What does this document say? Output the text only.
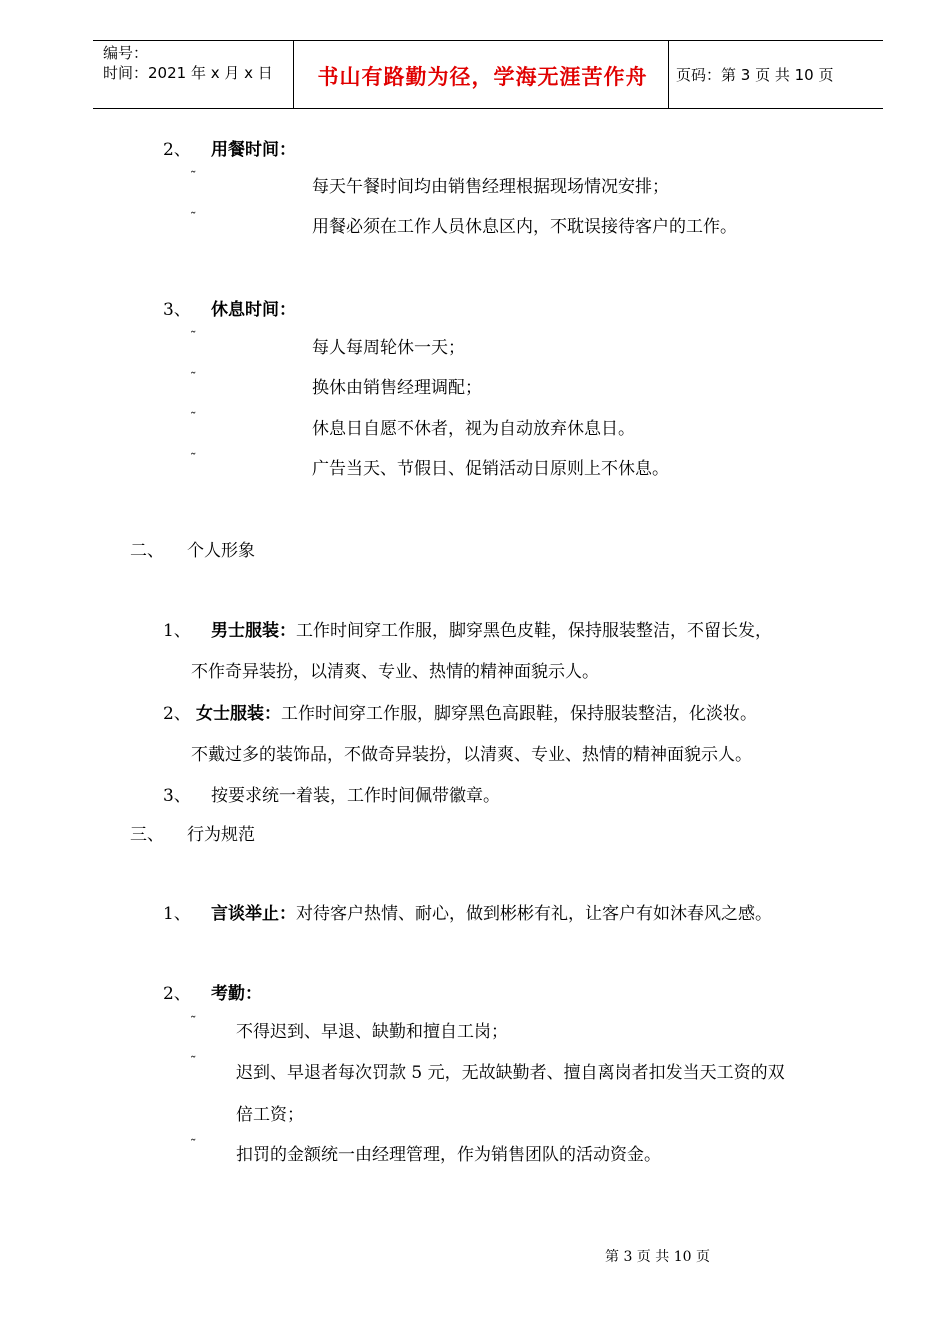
编号：
时间：2021 年 x 月 x 日	书山有路勤为径，学海无涯苦作舟	页码：第 3 页 共 10 页
2、 用餐时间：
˜	每天午餐时间均由销售经理根据现场情况安排；
˜	用餐必须在工作人员休息区内，不耽误接待客户的工作。
3、 休息时间：
˜
每人每周轮休一天；
˜	换休由销售经理调配；
˜
休息日自愿不休者，视为自动放弃休息日。
˜	广告当天、节假日、促销活动日原则上不休息。
二、 个人形象
1、 男士服装：工作时间穿工作服，脚穿黑色皮鞋，保持服装整洁，不留长发，
不作奇异装扮，以清爽、专业、热情的精神面貌示人。
2、 女士服装：工作时间穿工作服，脚穿黑色高跟鞋，保持服装整洁，化淡妆。
不戴过多的装饰品，不做奇异装扮，以清爽、专业、热情的精神面貌示人。
3、 按要求统一着装，工作时间佩带徽章。
三、 行为规范
1、 言谈举止：对待客户热情、耐心，做到彬彬有礼，让客户有如沐春风之感。
2、 考勤：
˜ 不得迟到、早退、缺勤和擅自工岗；
˜
迟到、早退者每次罚款 5 元，无故缺勤者、擅自离岗者扣发当天工资的双
倍工资；
˜ 扣罚的金额统一由经理管理，作为销售团队的活动资金。
第 3 页 共 10 页
